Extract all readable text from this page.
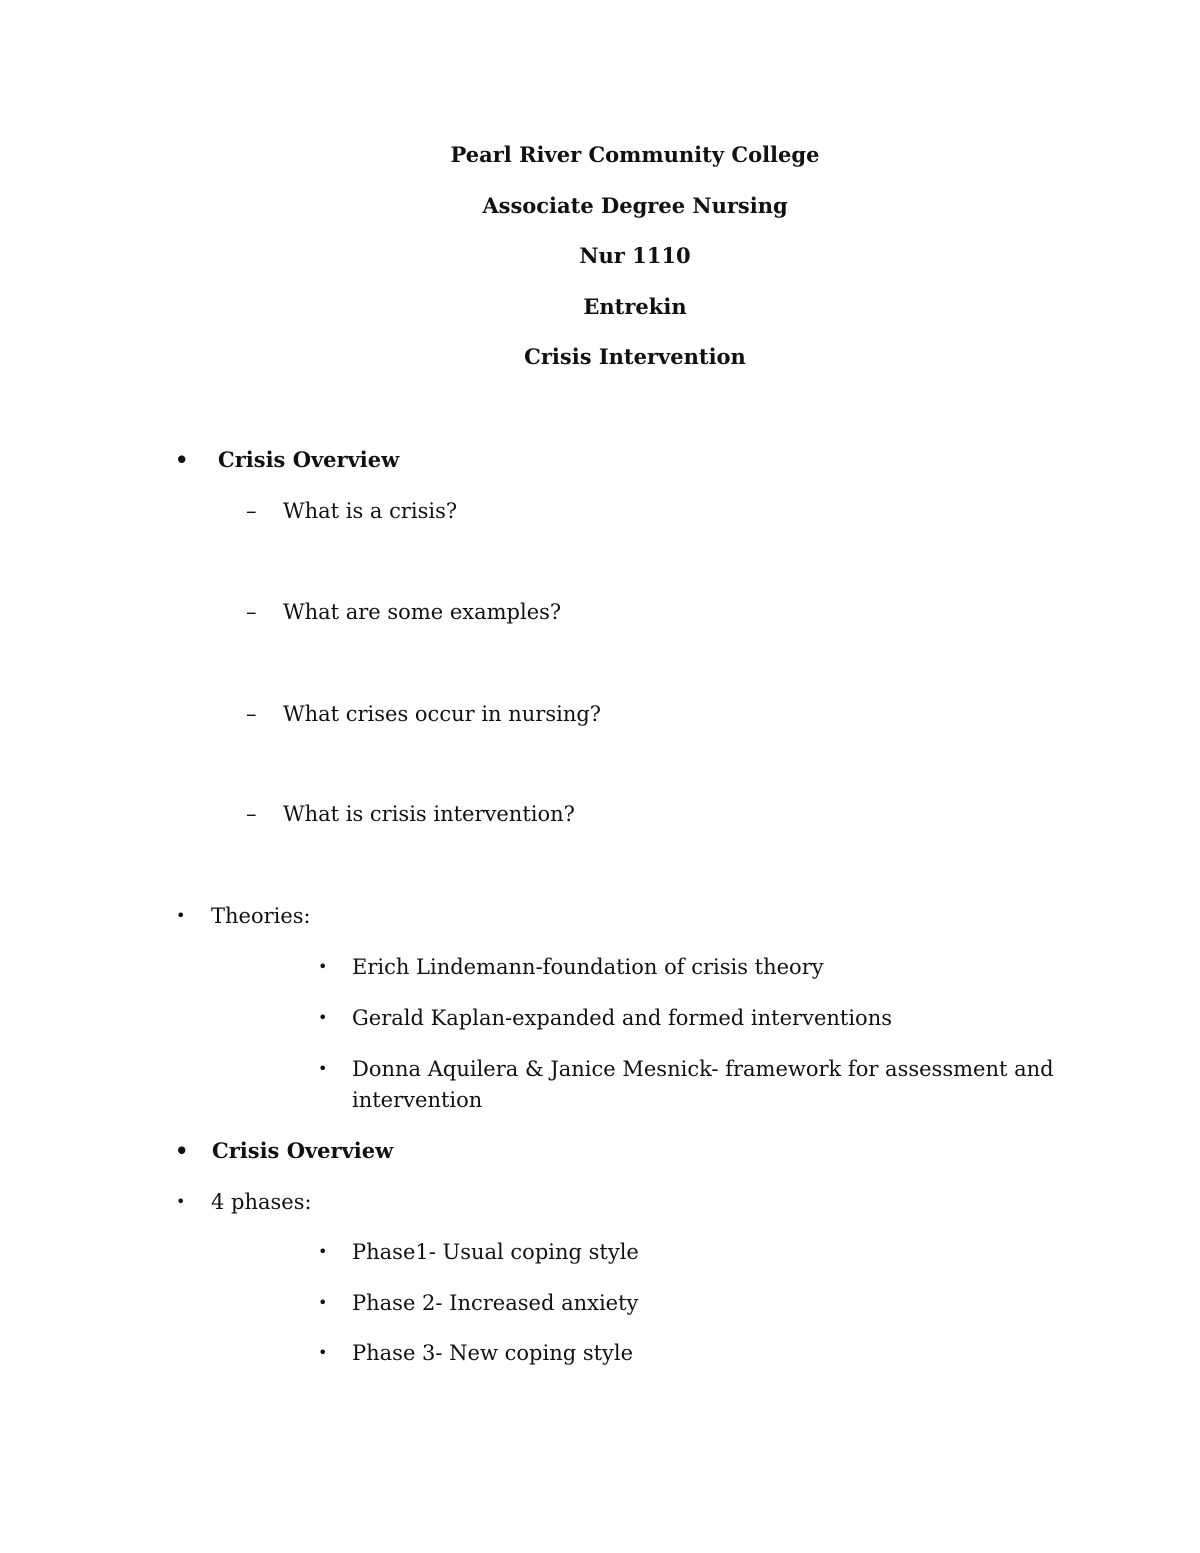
Pearl River Community College
Associate Degree Nursing
Nur 1110
Entrekin
Crisis Intervention
• Crisis Overview
– What is a crisis?
– What are some examples?
– What crises occur in nursing?
– What is crisis intervention?
• Theories:
• Erich Lindemann-foundation of crisis theory
• Gerald Kaplan-expanded and formed interventions
• Donna Aquilera & Janice Mesnick- framework for assessment and
intervention
• Crisis Overview
• 4 phases:
• Phase1- Usual coping style
• Phase 2- Increased anxiety
• Phase 3- New coping style
